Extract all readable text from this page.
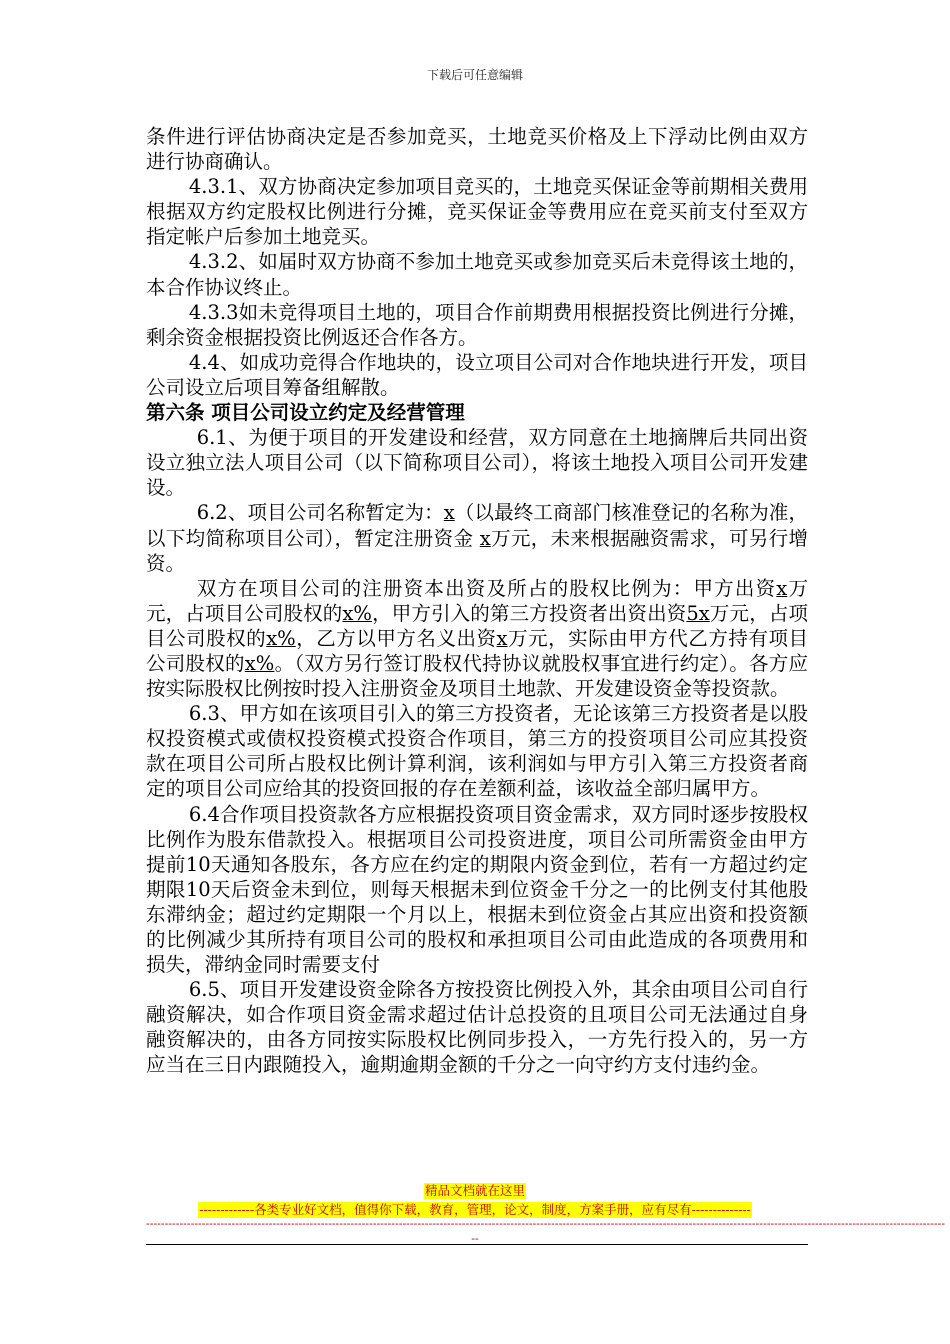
下载后可任意编辑

条件进行评估协商决定是否参加竞买，土地竞买价格及上下浮动比例由双方进行协商确认。

4.3.1、双方协商决定参加项目竞买的，土地竞买保证金等前期相关费用根据双方约定股权比例进行分摊，竞买保证金等费用应在竞买前支付至双方指定帐户后参加土地竞买。

4.3.2、如届时双方协商不参加土地竞买或参加竞买后未竞得该土地的，本合作协议终止。

4.3.3如未竞得项目土地的，项目合作前期费用根据投资比例进行分摊，剩余资金根据投资比例返还合作各方。

4.4、如成功竞得合作地块的，设立项目公司对合作地块进行开发，项目公司设立后项目筹备组解散。

第六条 项目公司设立约定及经营管理

6.1、为便于项目的开发建设和经营，双方同意在土地摘牌后共同出资设立独立法人项目公司（以下简称项目公司），将该土地投入项目公司开发建设。

6.2、项目公司名称暂定为：x（以最终工商部门核准登记的名称为准，以下均简称项目公司），暂定注册资金 x万元，未来根据融资需求，可另行增资。

双方在项目公司的注册资本出资及所占的股权比例为：甲方出资x万元，占项目公司股权的x%，甲方引入的第三方投资者出资出资5x万元，占项目公司股权的x%，乙方以甲方名义出资x万元，实际由甲方代乙方持有项目公司股权的x%。（双方另行签订股权代持协议就股权事宜进行约定）。各方应按实际股权比例按时投入注册资金及项目土地款、开发建设资金等投资款。

6.3、甲方如在该项目引入的第三方投资者，无论该第三方投资者是以股权投资模式或债权投资模式投资合作项目，第三方的投资项目公司应其投资款在项目公司所占股权比例计算利润，该利润如与甲方引入第三方投资者商定的项目公司应给其的投资回报的存在差额利益，该收益全部归属甲方。

6.4合作项目投资款各方应根据投资项目资金需求，双方同时逐步按股权比例作为股东借款投入。根据项目公司投资进度，项目公司所需资金由甲方提前10天通知各股东，各方应在约定的期限内资金到位，若有一方超过约定期限10天后资金未到位，则每天根据未到位资金千分之一的比例支付其他股东滞纳金；超过约定期限一个月以上，根据未到位资金占其应出资和投资额的比例减少其所持有项目公司的股权和承担项目公司由此造成的各项费用和损失，滞纳金同时需要支付

6.5、项目开发建设资金除各方按投资比例投入外，其余由项目公司自行融资解决，如合作项目资金需求超过估计总投资的且项目公司无法通过自身融资解决的，由各方同按实际股权比例同步投入，一方先行投入的，另一方应当在三日内跟随投入，逾期逾期金额的千分之一向守约方支付违约金。

精品文档就在这里
-------------各类专业好文档，值得你下载，教育，管理，论文，制度，方案手册，应有尽有--------------
-----------------------------------------------------------------------------------------------------------------------------------------------------------------------------------------------------------------------
--
